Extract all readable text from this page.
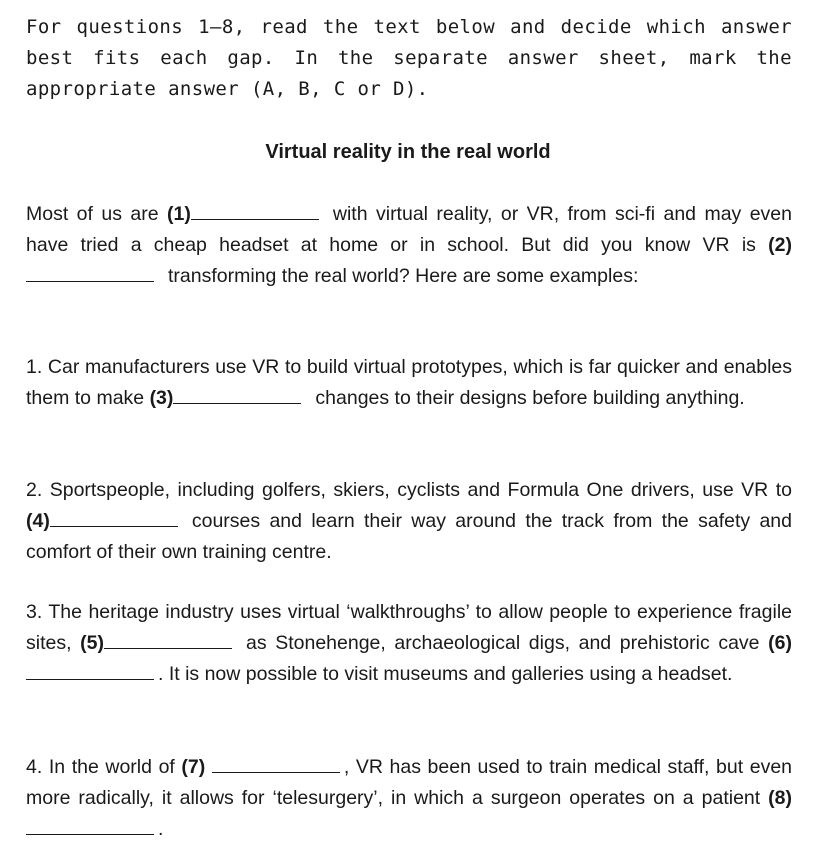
For questions 1–8, read the text below and decide which answer best fits each gap. In the separate answer sheet, mark the appropriate answer (A, B, C or D).
Virtual reality in the real world
Most of us are (1)	with virtual reality, or VR, from sci-fi and may even have tried a cheap headset at home or in school. But did you know VR is (2)transforming the real world? Here are some examples:
1. Car manufacturers use VR to build virtual prototypes, which is far quicker and enables them to make (3)	changes to their designs before building anything.
2. Sportspeople, including golfers, skiers, cyclists and Formula One drivers, use VR to (4)	courses and learn their way around the track from the safety and comfort of their own training centre.
3. The heritage industry uses virtual ‘walkthroughs’ to allow people to experience fragile sites, (5)	as Stonehenge, archaeological digs, and prehistoric cave (6). It is now possible to visit museums and galleries using a headset.
4. In the world of (7)	, VR has been used to train medical staff, but even more radically, it allows for ‘telesurgery’, in which a surgeon operates on a patient (8) .
